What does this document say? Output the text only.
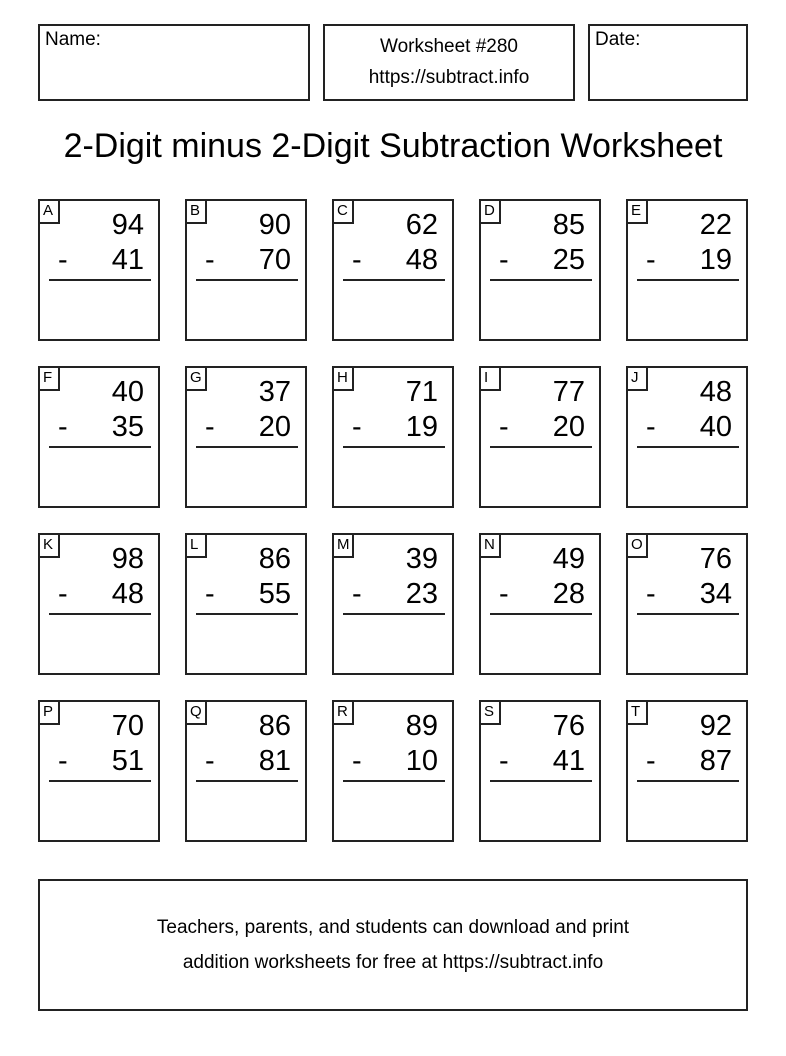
Name:	Worksheet #280
https://subtract.info
Date:
2-Digit minus 2-Digit Subtraction Worksheet
A 94
- 41
B 90
- 70
C 62
- 48
D 85
- 25
E 22
- 19
F 40
- 35
G 37
- 20
H 71
- 19
I	77
- 20
J	48
- 40
K 98
- 48
L 86
- 55
M 39
- 23
N 49
- 28
O 76
- 34
P 70
- 51
Q 86
- 81
R 89
- 10
S 76
- 41
T 92
- 87
Teachers, parents, and students can download and print
addition worksheets for free at https://subtract.info
